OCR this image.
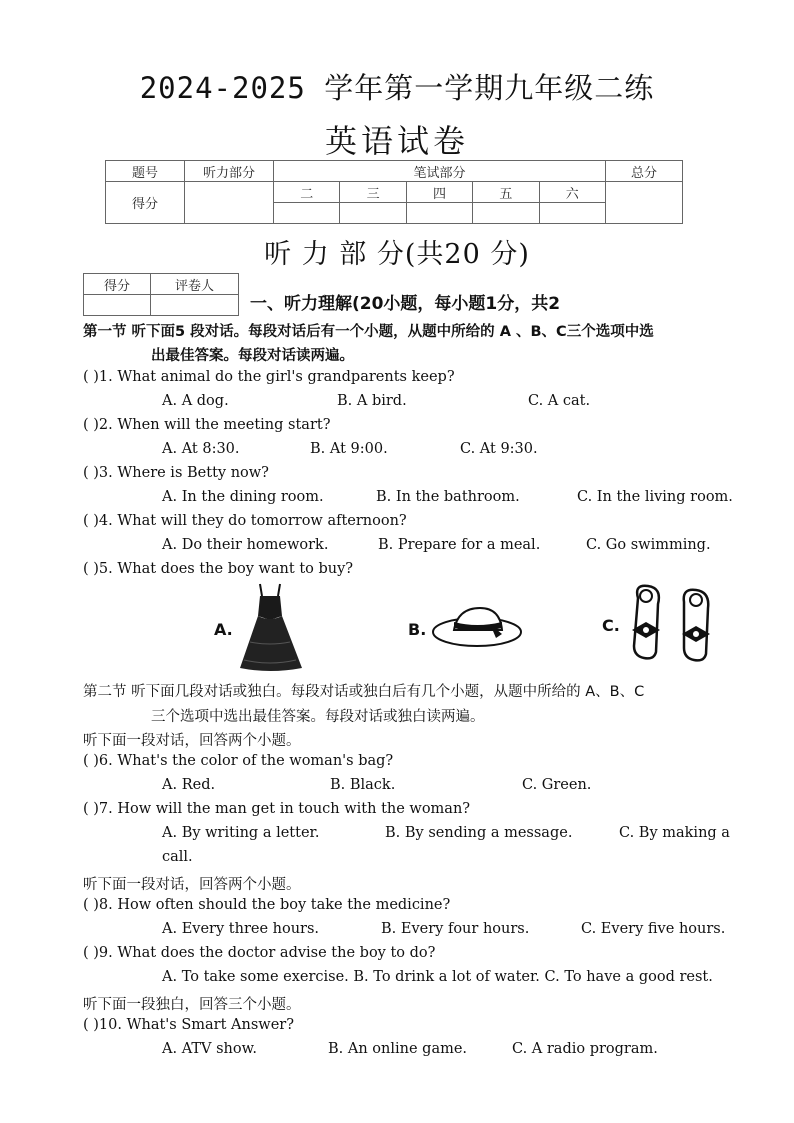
2024-2025 学年第一学期九年级二练
英语试卷
题号	听力部分	笔试部分					总分
得分		二	三	四	五	六	

听 力 部 分(共20 分)
得分	评卷人

一、听力理解(20小题，每小题1分，共2
第一节 听下面5 段对话。每段对话后有一个小题，从题中所给的 A 、B、C三个选项中选
出最佳答案。每段对话读两遍。
( )1. What animal do the girl's grandparents keep?
A. A dog.	B. A bird.	C. A cat.
( )2. When will the meeting start?
A. At 8:30.	B. At 9:00.	C. At 9:30.
( )3. Where is Betty now?
A. In the dining room.	B. In the bathroom.	C. In the living room.
( )4. What will they do tomorrow afternoon?
A. Do their homework.	B. Prepare for a meal.	C. Go swimming.
( )5. What does the boy want to buy?
A.	B.	C.
第二节 听下面几段对话或独白。每段对话或独白后有几个小题，从题中所给的 A、B、C
三个选项中选出最佳答案。每段对话或独白读两遍。
听下面一段对话，回答两个小题。
( )6. What's the color of the woman's bag?
A. Red.	B. Black.	C. Green.
( )7. How will the man get in touch with the woman?
A. By writing a letter.	B. By sending a message.	C. By making a
call.
听下面一段对话，回答两个小题。
( )8. How often should the boy take the medicine?
A. Every three hours.	B. Every four hours.	C. Every five hours.
( )9. What does the doctor advise the boy to do?
A. To take some exercise. B. To drink a lot of water. C. To have a good rest.
听下面一段独白，回答三个小题。
( )10. What's Smart Answer?
A. ATV show.	B. An online game.	C. A radio program.
